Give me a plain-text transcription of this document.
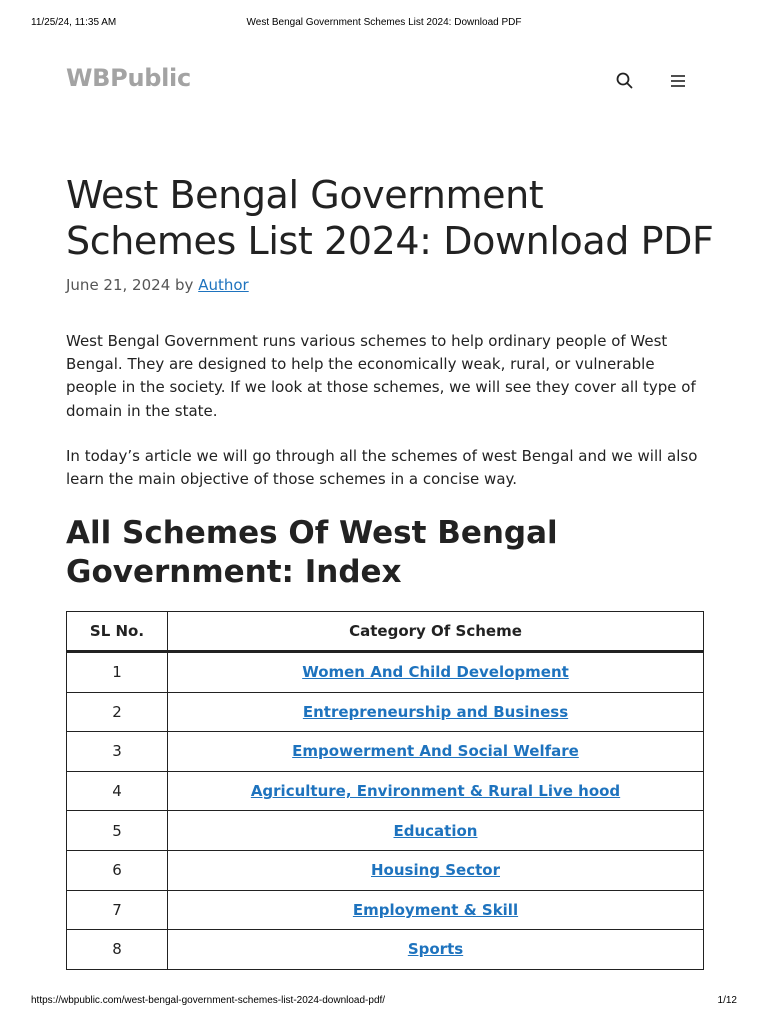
11/25/24, 11:35 AM	West Bengal Government Schemes List 2024: Download PDF
WBPublic
West Bengal Government Schemes List 2024: Download PDF
June 21, 2024 by Author

West Bengal Government runs various schemes to help ordinary people of West Bengal. They are designed to help the economically weak, rural, or vulnerable people in the society. If we look at those schemes, we will see they cover all type of domain in the state.

In today’s article we will go through all the schemes of west Bengal and we will also learn the main objective of those schemes in a concise way.

All Schemes Of West Bengal Government: Index
SL No.	Category Of Scheme
1	Women And Child Development
2	Entrepreneurship and Business
3	Empowerment And Social Welfare
4	Agriculture, Environment & Rural Live hood
5	Education
6	Housing Sector
7	Employment & Skill
8	Sports
https://wbpublic.com/west-bengal-government-schemes-list-2024-download-pdf/	1/12
